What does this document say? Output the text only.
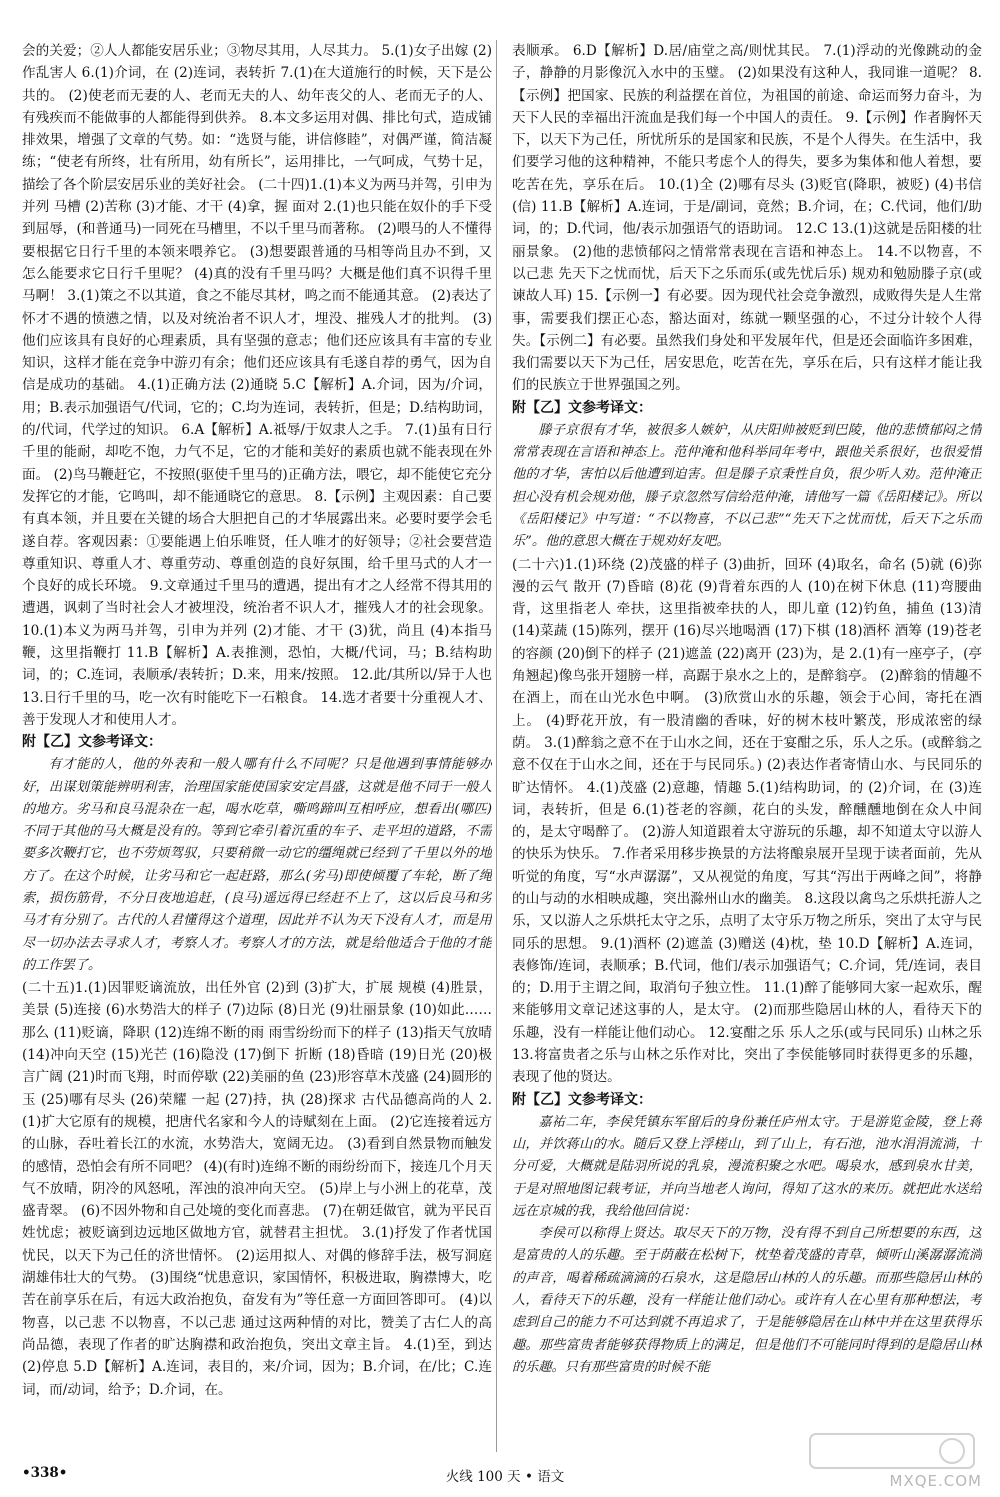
会的关爱；②人人都能安居乐业；③物尽其用，人尽其力。 5.(1)女子出嫁 (2)作乱害人 6.(1)介词，在 (2)连词，表转折 7.(1)在大道施行的时候，天下是公共的。 (2)使老而无妻的人、老而无夫的人、幼年丧父的人、老而无子的人、有残疾而不能做事的人都能得到供养。 8.本文多运用对偶、排比句式，造成铺排效果，增强了文章的气势。如：“选贤与能，讲信修睦”，对偶严谨，简洁凝练；“使老有所终，壮有所用，幼有所长”，运用排比，一气呵成，气势十足，描绘了各个阶层安居乐业的美好社会。 (二十四)1.(1)本义为两马并驾，引申为并列 马槽 (2)苦称 (3)才能、才干 (4)拿，握 面对 2.(1)也只能在奴仆的手下受到屈辱，(和普通马)一同死在马槽里，不以千里马而著称。 (2)喂马的人不懂得要根据它日行千里的本领来喂养它。 (3)想要跟普通的马相等尚且办不到，又怎么能要求它日行千里呢？ (4)真的没有千里马吗？大概是他们真不识得千里马啊！ 3.(1)策之不以其道，食之不能尽其材，鸣之而不能通其意。 (2)表达了怀才不遇的愤懑之情，以及对统治者不识人才，埋没、摧残人才的批判。 (3)他们应该具有良好的心理素质，具有坚强的意志；他们还应该具有丰富的专业知识，这样才能在竞争中游刃有余；他们还应该具有毛遂自荐的勇气，因为自信是成功的基础。 4.(1)正确方法 (2)通晓 5.C【解析】A.介词，因为/介词，用；B.表示加强语气/代词，它的；C.均为连词，表转折，但是；D.结构助词，的/代词，代学过的知识。 6.A【解析】A.祗辱/于奴隶人之手。 7.(1)虽有日行千里的能耐，却吃不饱，力气不足，它的才能和美好的素质也就不能表现在外面。 (2)鸟马鞭赶它，不按照(驱使千里马的)正确方法，喂它，却不能使它充分发挥它的才能，它鸣叫，却不能通晓它的意思。 8.【示例】主观因素：自己要有真本领，并且要在关键的场合大胆把自己的才华展露出来。必要时要学会毛遂自荐。客观因素：①要能遇上伯乐唯贤，任人唯才的好领导；②社会要营造尊重知识、尊重人才、尊重劳动、尊重创造的良好氛围，给千里马式的人才一个良好的成长环境。 9.文章通过千里马的遭遇，提出有才之人经常不得其用的遭遇，讽刺了当时社会人才被埋没，统治者不识人才，摧残人才的社会现象。 10.(1)本义为两马并驾，引申为并列 (2)才能、才干 (3)犹，尚且 (4)本指马鞭，这里指鞭打 11.B【解析】A.表推测，恐怕，大概/代词，马；B.结构助词，的；C.连词，表顺承/表转折；D.来，用来/按照。 12.此/其所以/异于人也 13.日行千里的马，吃一次有时能吃下一石粮食。 14.选才者要十分重视人才、善于发现人才和使用人才。

附【乙】文参考译文：

有才能的人，他的外表和一般人哪有什么不同呢？只是他遇到事情能够办好，出谋划策能辨明利害，治理国家能使国家安定昌盛，这就是他不同于一般人的地方。劣马和良马混杂在一起，喝水吃草，嘶鸣蹄叫互相呼应，想看出(哪匹)不同于其他的马大概是没有的。等到它牵引着沉重的车子、走平坦的道路，不需要多次鞭打它，也不劳烦驾驭，只要稍微一动它的缰绳就已经到了千里以外的地方了。在这个时候，让劣马和它一起赶路，那么(劣马)即使倾覆了车轮，断了绳索，损伤筋骨，不分日夜地追赶，(良马)遥远得已经赶不上了，这以后良马和劣马才有分别了。古代的人君懂得这个道理，因此并不认为天下没有人才，而是用尽一切办法去寻求人才，考察人才。考察人才的方法，就是给他适合于他的才能的工作罢了。

(二十五)1.(1)因罪贬谪流放，出任外官 (2)到 (3)扩大，扩展 规模 (4)胜景，美景 (5)连接 (6)水势浩大的样子 (7)边际 (8)日光 (9)壮丽景象 (10)如此……那么 (11)贬谪，降职 (12)连绵不断的雨 雨雪纷纷而下的样子 (13)指天气放晴 (14)冲向天空 (15)光芒 (16)隐没 (17)倒下 折断 (18)昏暗 (19)日光 (20)极言广阔 (21)时而飞翔，时而停歇 (22)美丽的鱼 (23)形容草木茂盛 (24)圆形的玉 (25)哪有尽头 (26)荣耀 一起 (27)持，执 (28)探求 古代品德高尚的人 2.(1)扩大它原有的规模，把唐代名家和今人的诗赋刻在上面。 (2)它连接着远方的山脉，吞吐着长江的水流，水势浩大，宽阔无边。 (3)看到自然景物而触发的感情，恐怕会有所不同吧？ (4)(有时)连绵不断的雨纷纷而下，接连几个月天气不放晴，阴冷的风怒吼，浑浊的浪冲向天空。 (5)岸上与小洲上的花草，茂盛青翠。 (6)不因外物和自己处境的变化而喜悲。 (7)在朝廷做官，就为平民百姓忧虑；被贬谪到边远地区做地方官，就替君主担忧。 3.(1)抒发了作者忧国忧民，以天下为己任的济世情怀。 (2)运用拟人、对偶的修辞手法，极写洞庭湖雄伟壮大的气势。 (3)围绕“忧患意识，家国情怀，积极进取，胸襟博大，吃苦在前享乐在后，有远大政治抱负，奋发有为”等任意一方面回答即可。 (4)以物喜，以己悲 不以物喜，不以己悲 通过这两种情的对比，赞美了古仁人的高尚品德，表现了作者的旷达胸襟和政治抱负，突出文章主旨。 4.(1)至，到达 (2)停息 5.D【解析】A.连词，表目的，来/介词，因为；B.介词，在/比；C.连词，而/动词，给予；D.介词，在。

表顺承。 6.D【解析】D.居/庙堂之高/则忧其民。 7.(1)浮动的光像跳动的金子，静静的月影像沉入水中的玉璧。 (2)如果没有这种人，我同谁一道呢？ 8.【示例】把国家、民族的利益摆在首位，为祖国的前途、命运而努力奋斗，为天下人民的幸福出汗流血是我们每一个中国人的责任。 9.【示例】作者胸怀天下，以天下为己任，所忧所乐的是国家和民族，不是个人得失。在生活中，我们要学习他的这种精神，不能只考虑个人的得失，要多为集体和他人着想，要吃苦在先，享乐在后。 10.(1)全 (2)哪有尽头 (3)贬官(降职，被贬) (4)书信(信) 11.B【解析】A.连词，于是/副词，竟然；B.介词，在；C.代词，他们/助词，的；D.代词，他/表示加强语气的语助词。 12.C 13.(1)这就是岳阳楼的壮丽景象。 (2)他的悲愤郁闷之情常常表现在言语和神态上。 14.不以物喜，不以己悲 先天下之忧而忧，后天下之乐而乐(或先忧后乐) 规劝和勉励滕子京(或谏故人耳) 15.【示例一】有必要。因为现代社会竞争激烈，成败得失是人生常事，需要我们摆正心态，豁达面对，练就一颗坚强的心，不过分计较个人得失。【示例二】有必要。虽然我们身处和平发展年代，但是还会面临许多困难，我们需要以天下为己任，居安思危，吃苦在先，享乐在后，只有这样才能让我们的民族立于世界强国之列。

附【乙】文参考译文：

滕子京很有才华，被很多人嫉妒，从庆阳帅被贬到巴陵，他的悲愤郁闷之情常常表现在言语和神态上。范仲淹和他科举同年考中，跟他关系很好，也很爱惜他的才华，害怕以后他遭到迫害。但是滕子京秉性自负，很少听人劝。范仲淹正担心没有机会规劝他，滕子京忽然写信给范仲淹，请他写一篇《岳阳楼记》。所以《岳阳楼记》中写道：“不以物喜，不以己悲”“先天下之忧而忧，后天下之乐而乐”。他的意思大概在于规劝好友吧。

(二十六)1.(1)环绕 (2)茂盛的样子 (3)曲折，回环 (4)取名，命名 (5)就 (6)弥漫的云气 散开 (7)昏暗 (8)花 (9)背着东西的人 (10)在树下休息 (11)弯腰曲背，这里指老人 牵扶，这里指被牵扶的人，即儿童 (12)钓鱼，捕鱼 (13)清 (14)菜蔬 (15)陈列，摆开 (16)尽兴地喝酒 (17)下棋 (18)酒杯 酒筹 (19)苍老的容颜 (20)倒下的样子 (21)遮盖 (22)离开 (23)为，是 2.(1)有一座亭子，(亭角翘起)像鸟张开翅膀一样，高踞于泉水之上的，是醉翁亭。 (2)醉翁的情趣不在酒上，而在山光水色中啊。 (3)欣赏山水的乐趣，领会于心间，寄托在酒上。 (4)野花开放，有一股清幽的香味，好的树木枝叶繁茂，形成浓密的绿荫。 3.(1)醉翁之意不在于山水之间，还在于宴酣之乐，乐人之乐。(或醉翁之意不仅在于山水之间，还在于与民同乐。) (2)表达作者寄情山水、与民同乐的旷达情怀。 4.(1)茂盛 (2)意趣，情趣 5.(1)结构助词，的 (2)介词，在 (3)连词，表转折，但是 6.(1)苍老的容颜，花白的头发，醉醺醺地倒在众人中间的，是太守喝醉了。 (2)游人知道跟着太守游玩的乐趣，却不知道太守以游人的快乐为快乐。 7.作者采用移步换景的方法将酿泉展开呈现于读者面前，先从听觉的角度，写“水声潺潺”，又从视觉的角度，写其“泻出于两峰之间”，将静的山与动的水相映成趣，突出滁州山水的幽美。 8.这段以禽鸟之乐烘托游人之乐，又以游人之乐烘托太守之乐，点明了太守乐万物之所乐，突出了太守与民同乐的思想。 9.(1)酒杯 (2)遮盖 (3)赠送 (4)枕，垫 10.D【解析】A.连词，表修饰/连词，表顺承；B.代词，他们/表示加强语气；C.介词，凭/连词，表目的；D.用于主谓之间，取消句子独立性。 11.(1)醉了能够同大家一起欢乐，醒来能够用文章记述这事的人，是太守。 (2)而那些隐居山林的人，看待天下的乐趣，没有一样能让他们动心。 12.宴酣之乐 乐人之乐(或与民同乐) 山林之乐 13.将富贵者之乐与山林之乐作对比，突出了李侯能够同时获得更多的乐趣，表现了他的贤达。

附【乙】文参考译文：

嘉祐二年，李侯凭镇东军留后的身份兼任庐州太守。于是游览金陵，登上蒋山，并饮蒋山的水。随后又登上浮槎山，到了山上，有石池，池水涓涓流淌，十分可爱，大概就是陆羽所说的乳泉，漫流积聚之水吧。喝泉水，感到泉水甘美，于是对照地图记载考证，并向当地老人询问，得知了这水的来历。就把此水送给远在京城的我，我给他回信说：

李侯可以称得上贤达。取尽天下的万物，没有得不到自己所想要的东西，这是富贵的人的乐趣。至于荫蔽在松树下，枕垫着茂盛的青草，倾听山溪潺潺流淌的声音，喝着稀疏滴滴的石泉水，这是隐居山林的人的乐趣。而那些隐居山林的人，看待天下的乐趣，没有一样能让他们动心。或许有人在心里有那种想法，考虑到自己的能力不可达到就不再追求了，于是能够隐居在山林中并在这里获得乐趣。那些富贵者能够获得物质上的满足，但是他们不可能同时得到的是隐居山林的乐趣。只有那些富贵的时候不能

•338•	火线 100 天 • 语文	MXQE.COM
